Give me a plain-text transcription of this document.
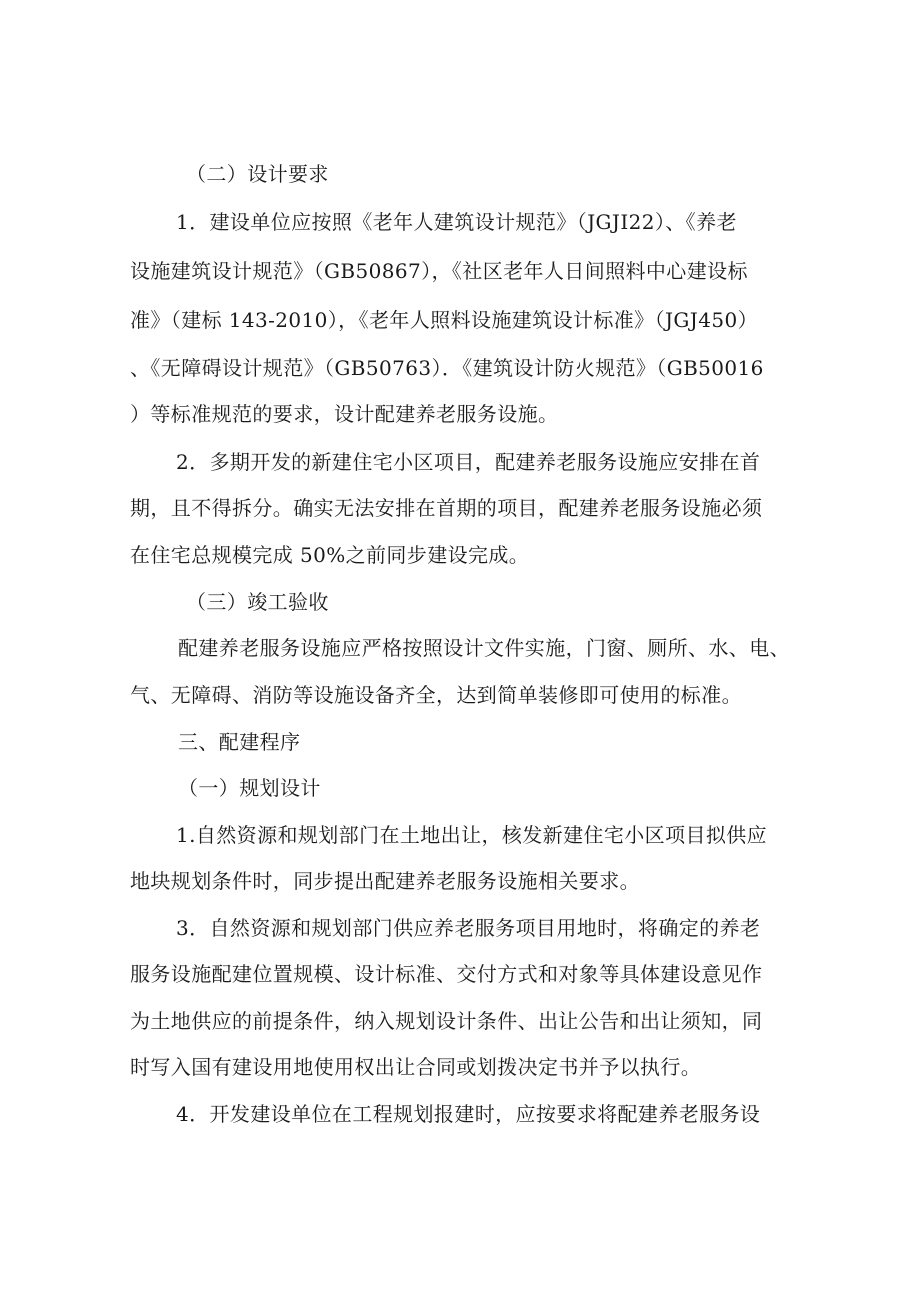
（二）设计要求
1．建设单位应按照《老年人建筑设计规范》（JGJI22）、《养老
设施建筑设计规范》（GB50867），《社区老年人日间照料中心建设标
准》（建标 143-2010），《老年人照料设施建筑设计标准》（JGJ450）
、《无障碍设计规范》（GB50763）．《建筑设计防火规范》（GB50016
）等标准规范的要求，设计配建养老服务设施。
2．多期开发的新建住宅小区项目，配建养老服务设施应安排在首
期，且不得拆分。确实无法安排在首期的项目，配建养老服务设施必须
在住宅总规模完成 50%之前同步建设完成。
（三）竣工验收
配建养老服务设施应严格按照设计文件实施，门窗、厕所、水、电、
气、无障碍、消防等设施设备齐全，达到简单装修即可使用的标准。
三、配建程序
（一）规划设计
1.自然资源和规划部门在土地出让，核发新建住宅小区项目拟供应
地块规划条件时，同步提出配建养老服务设施相关要求。
3．自然资源和规划部门供应养老服务项目用地时，将确定的养老
服务设施配建位置规模、设计标准、交付方式和对象等具体建设意见作
为土地供应的前提条件，纳入规划设计条件、出让公告和出让须知，同
时写入国有建设用地使用权出让合同或划拨决定书并予以执行。
4．开发建设单位在工程规划报建时，应按要求将配建养老服务设
